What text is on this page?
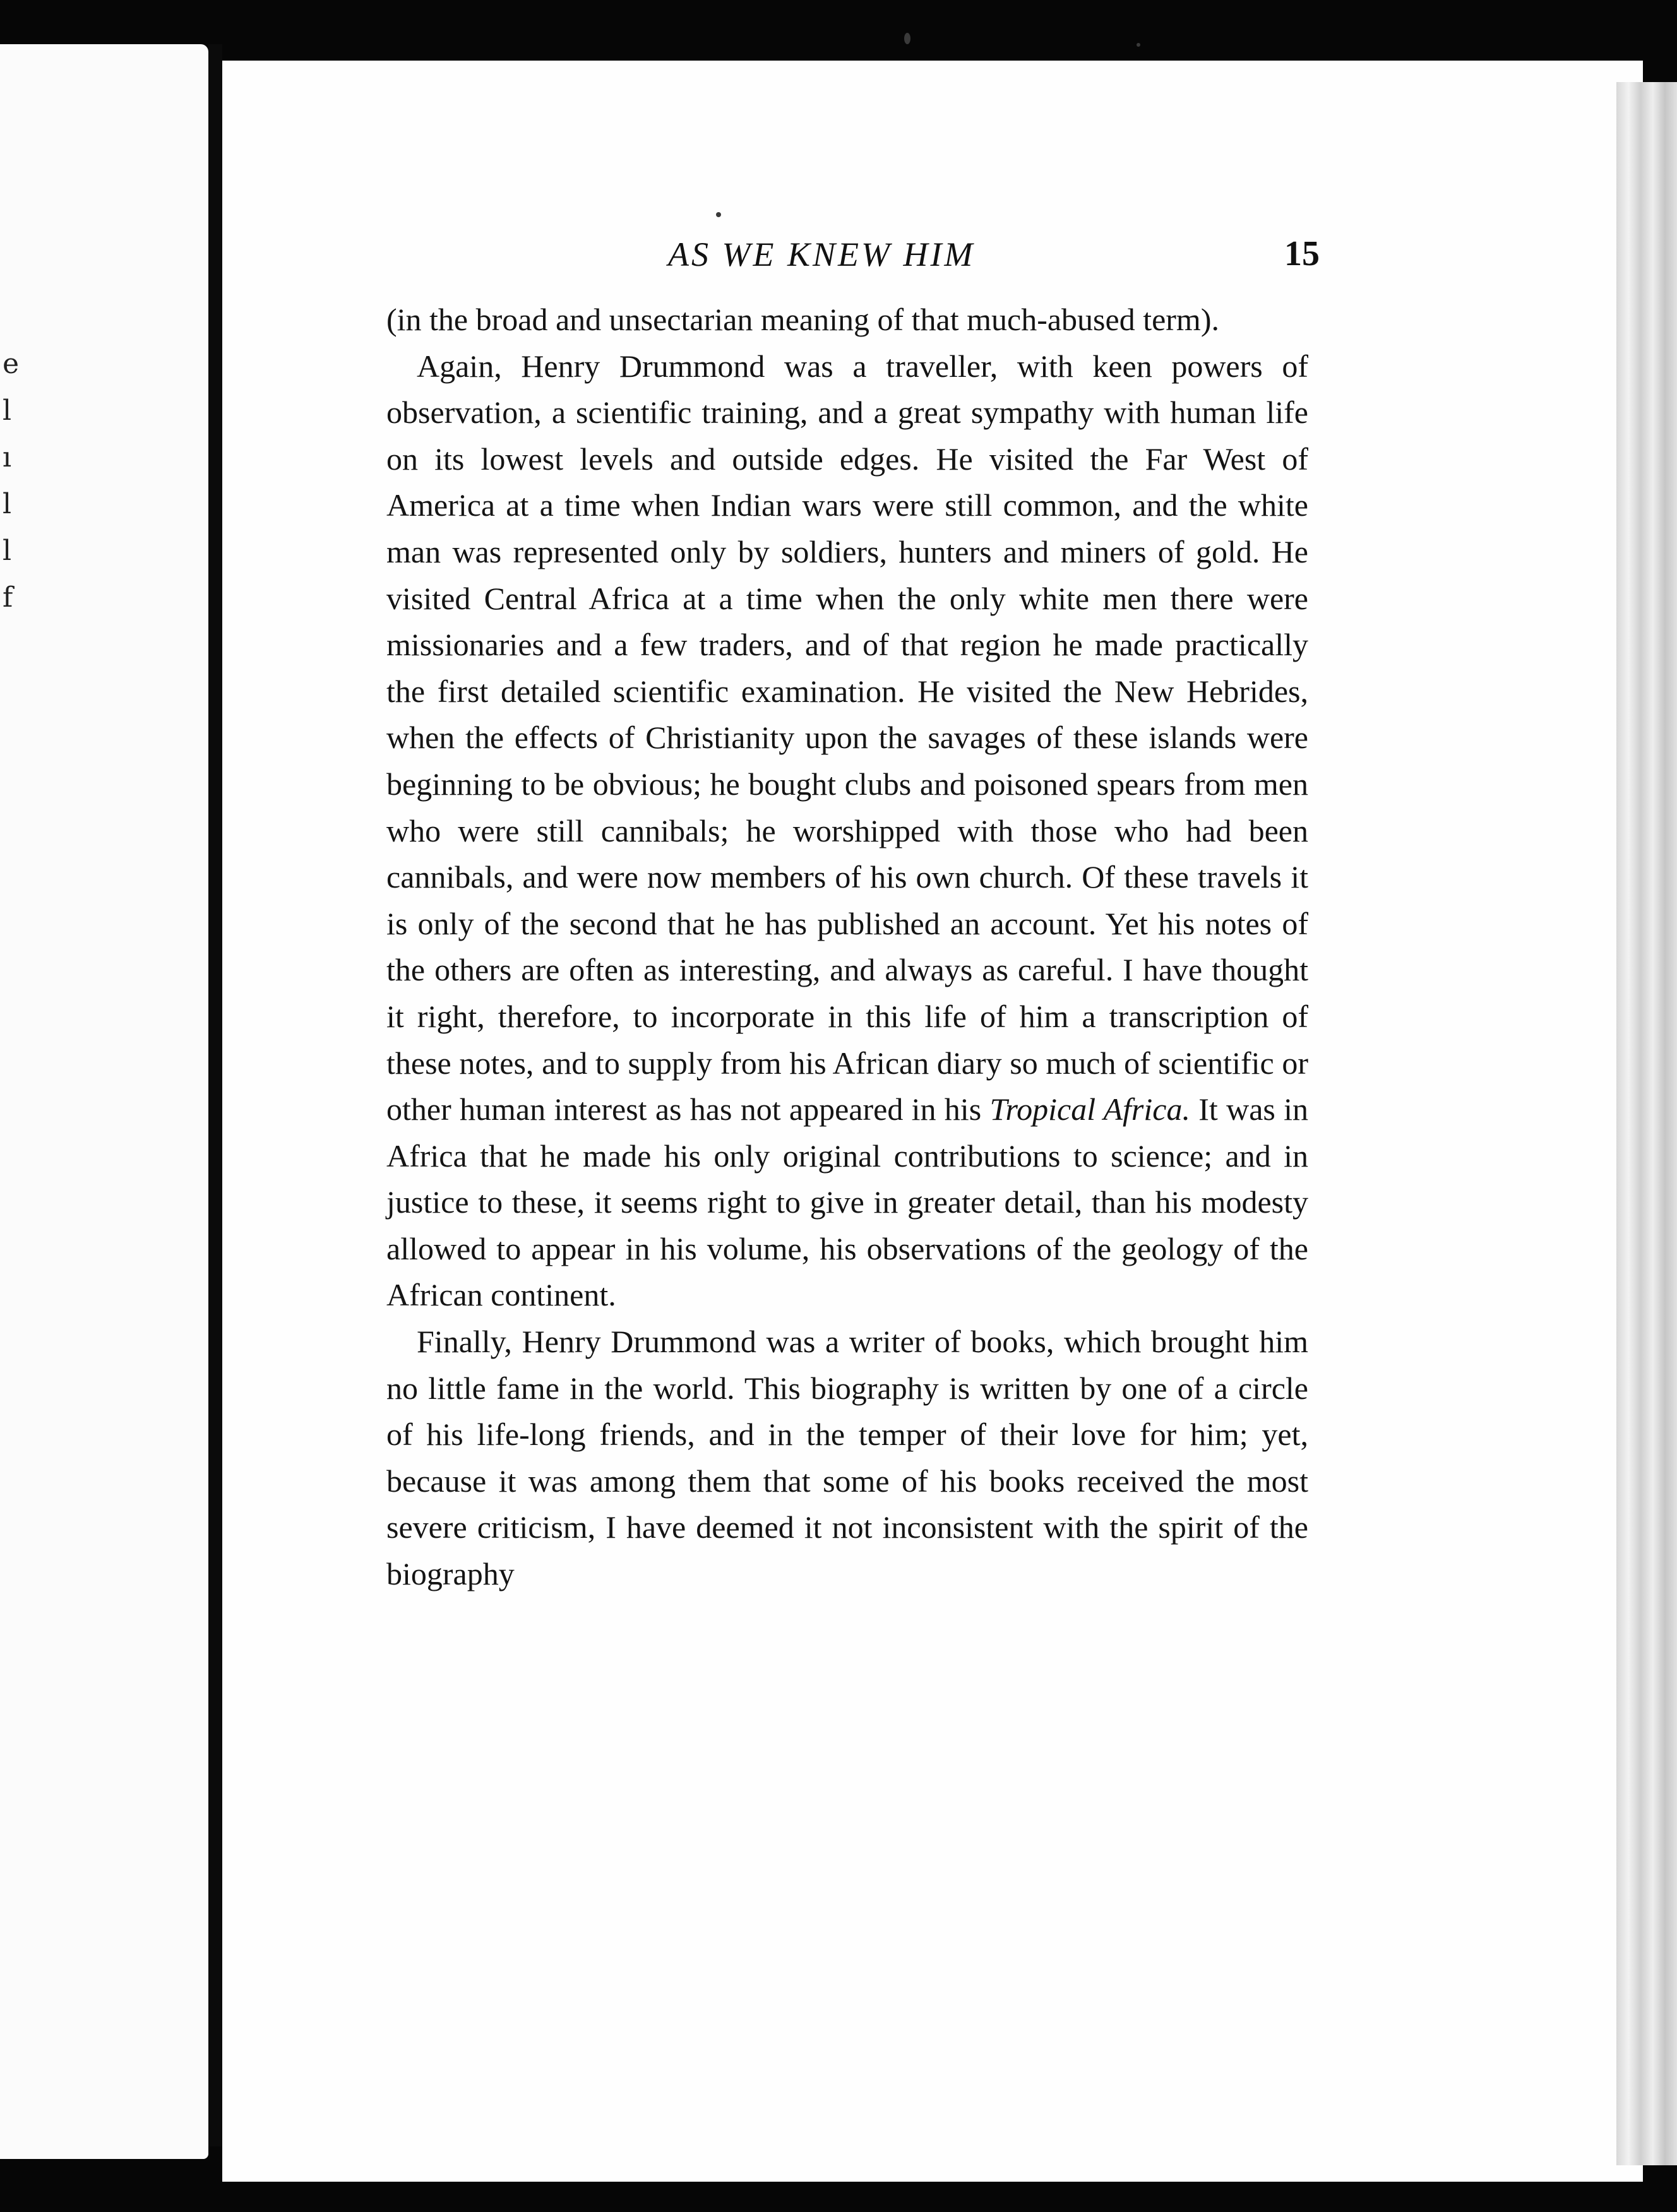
e
l
ı
l
l
f
AS WE KNEW HIM	15

(in the broad and unsectarian meaning of that much-abused term).

Again, Henry Drummond was a traveller, with keen powers of observation, a scientific training, and a great sympathy with human life on its lowest levels and outside edges. He visited the Far West of America at a time when Indian wars were still common, and the white man was represented only by soldiers, hunters and miners of gold. He visited Central Africa at a time when the only white men there were missionaries and a few traders, and of that region he made practically the first detailed scientific examination. He visited the New Hebrides, when the effects of Christianity upon the savages of these islands were beginning to be obvious; he bought clubs and poisoned spears from men who were still cannibals; he worshipped with those who had been cannibals, and were now members of his own church. Of these travels it is only of the second that he has published an account. Yet his notes of the others are often as interesting, and always as careful. I have thought it right, therefore, to incorporate in this life of him a transcription of these notes, and to supply from his African diary so much of scientific or other human interest as has not appeared in his Tropical Africa. It was in Africa that he made his only original contributions to science; and in justice to these, it seems right to give in greater detail, than his modesty allowed to appear in his volume, his observations of the geology of the African continent.

Finally, Henry Drummond was a writer of books, which brought him no little fame in the world. This biography is written by one of a circle of his life-long friends, and in the temper of their love for him; yet, because it was among them that some of his books received the most severe criticism, I have deemed it not inconsistent with the spirit of the biography
